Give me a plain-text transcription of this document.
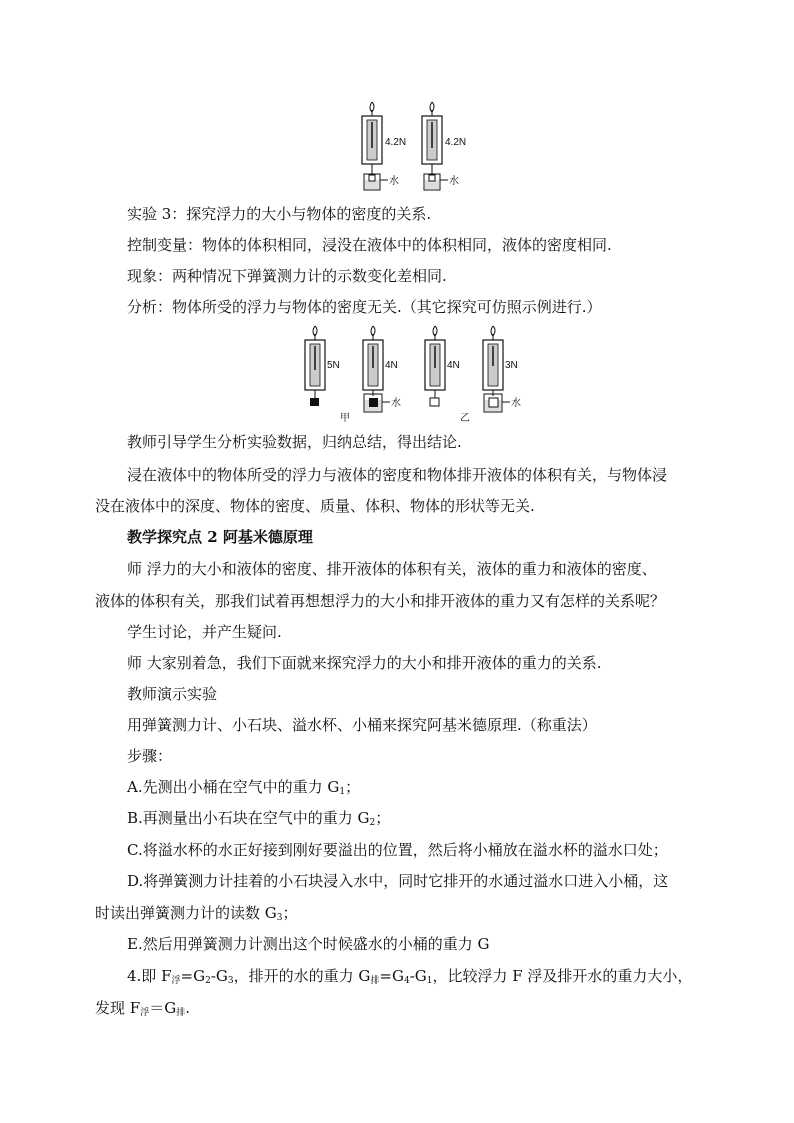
4.2N
水
4.2N
水
实验 3：探究浮力的大小与物体的密度的关系.
控制变量：物体的体积相同，浸没在液体中的体积相同，液体的密度相同.
现象：两种情况下弹簧测力计的示数变化差相同.
分析：物体所受的浮力与物体的密度无关.（其它探究可仿照示例进行.）
5N	4N
水
甲
4N
乙
3N
水
教师引导学生分析实验数据，归纳总结，得出结论.
浸在液体中的物体所受的浮力与液体的密度和物体排开液体的体积有关，与物体浸
没在液体中的深度、物体的密度、质量、体积、物体的形状等无关.
教学探究点 2 阿基米德原理
师 浮力的大小和液体的密度、排开液体的体积有关，液体的重力和液体的密度、
液体的体积有关，那我们试着再想想浮力的大小和排开液体的重力又有怎样的关系呢？
学生讨论，并产生疑问.
师 大家别着急，我们下面就来探究浮力的大小和排开液体的重力的关系.
教师演示实验
用弹簧测力计、小石块、溢水杯、小桶来探究阿基米德原理.（称重法）
步骤：
A.先测出小桶在空气中的重力 $G_1$；
B.再测量出小石块在空气中的重力 $G_2$；
C.将溢水杯的水正好接到刚好要溢出的位置，然后将小桶放在溢水杯的溢水口处；
D.将弹簧测力计挂着的小石块浸入水中，同时它排开的水通过溢水口进入小桶，这
时读出弹簧测力计的读数 $G_3$；
E.然后用弹簧测力计测出这个时候盛水的小桶的重力 G
4.即 $F_浮=G_2-G_3$，排开的水的重力 $G_排=G_4-G_1$，比较浮力 F 浮及排开水的重力大小，
发现 $F_浮=G_排$.
